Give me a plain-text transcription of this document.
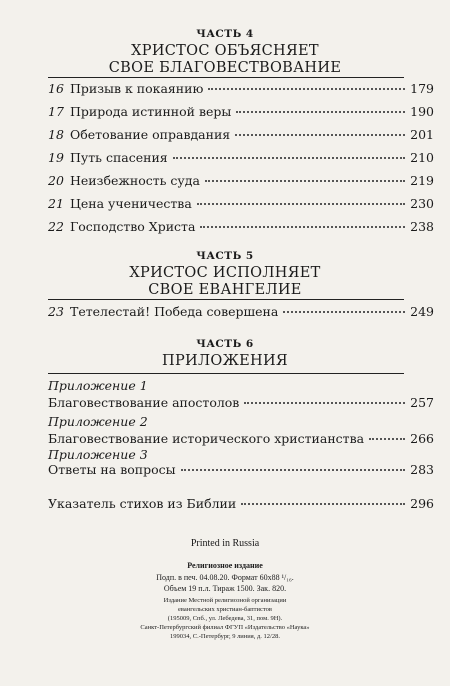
ЧАСТЬ 4
ХРИСТОС ОБЪЯСНЯЕТ
СВОЕ БЛАГОВЕСТВОВАНИЕ
16 Призыв к покаянию	179
17 Природа истинной веры	190
18 Обетование оправдания	201
19 Путь спасения	210
20 Неизбежность суда	219
21 Цена ученичества	230
22 Господство Христа	238
ЧАСТЬ 5
ХРИСТОС ИСПОЛНЯЕТ
СВОЕ ЕВАНГЕЛИЕ
23 Тетелестай! Победа совершена	249
ЧАСТЬ 6
ПРИЛОЖЕНИЯ
Приложение 1
Благовествование апостолов	257
Приложение 2
Благовествование исторического христианства	266
Приложение 3
Ответы на вопросы	283
Указатель стихов из Библии	296
Printed in Russia
Религиозное издание
Подп. в печ. 04.08.20. Формат 60х88 ¹/₁₆.
Объем 19 п.л. Тираж 1500. Зак. 820.
Издание Местной религиозной организации
евангельских христиан-баптистов
(195009, Спб., ул. Лебедева, 31, пом. 9Н).
Санкт-Петербургский филиал ФГУП «Издательство «Наука»
199034, С.-Петербург, 9 линия, д. 12/28.
